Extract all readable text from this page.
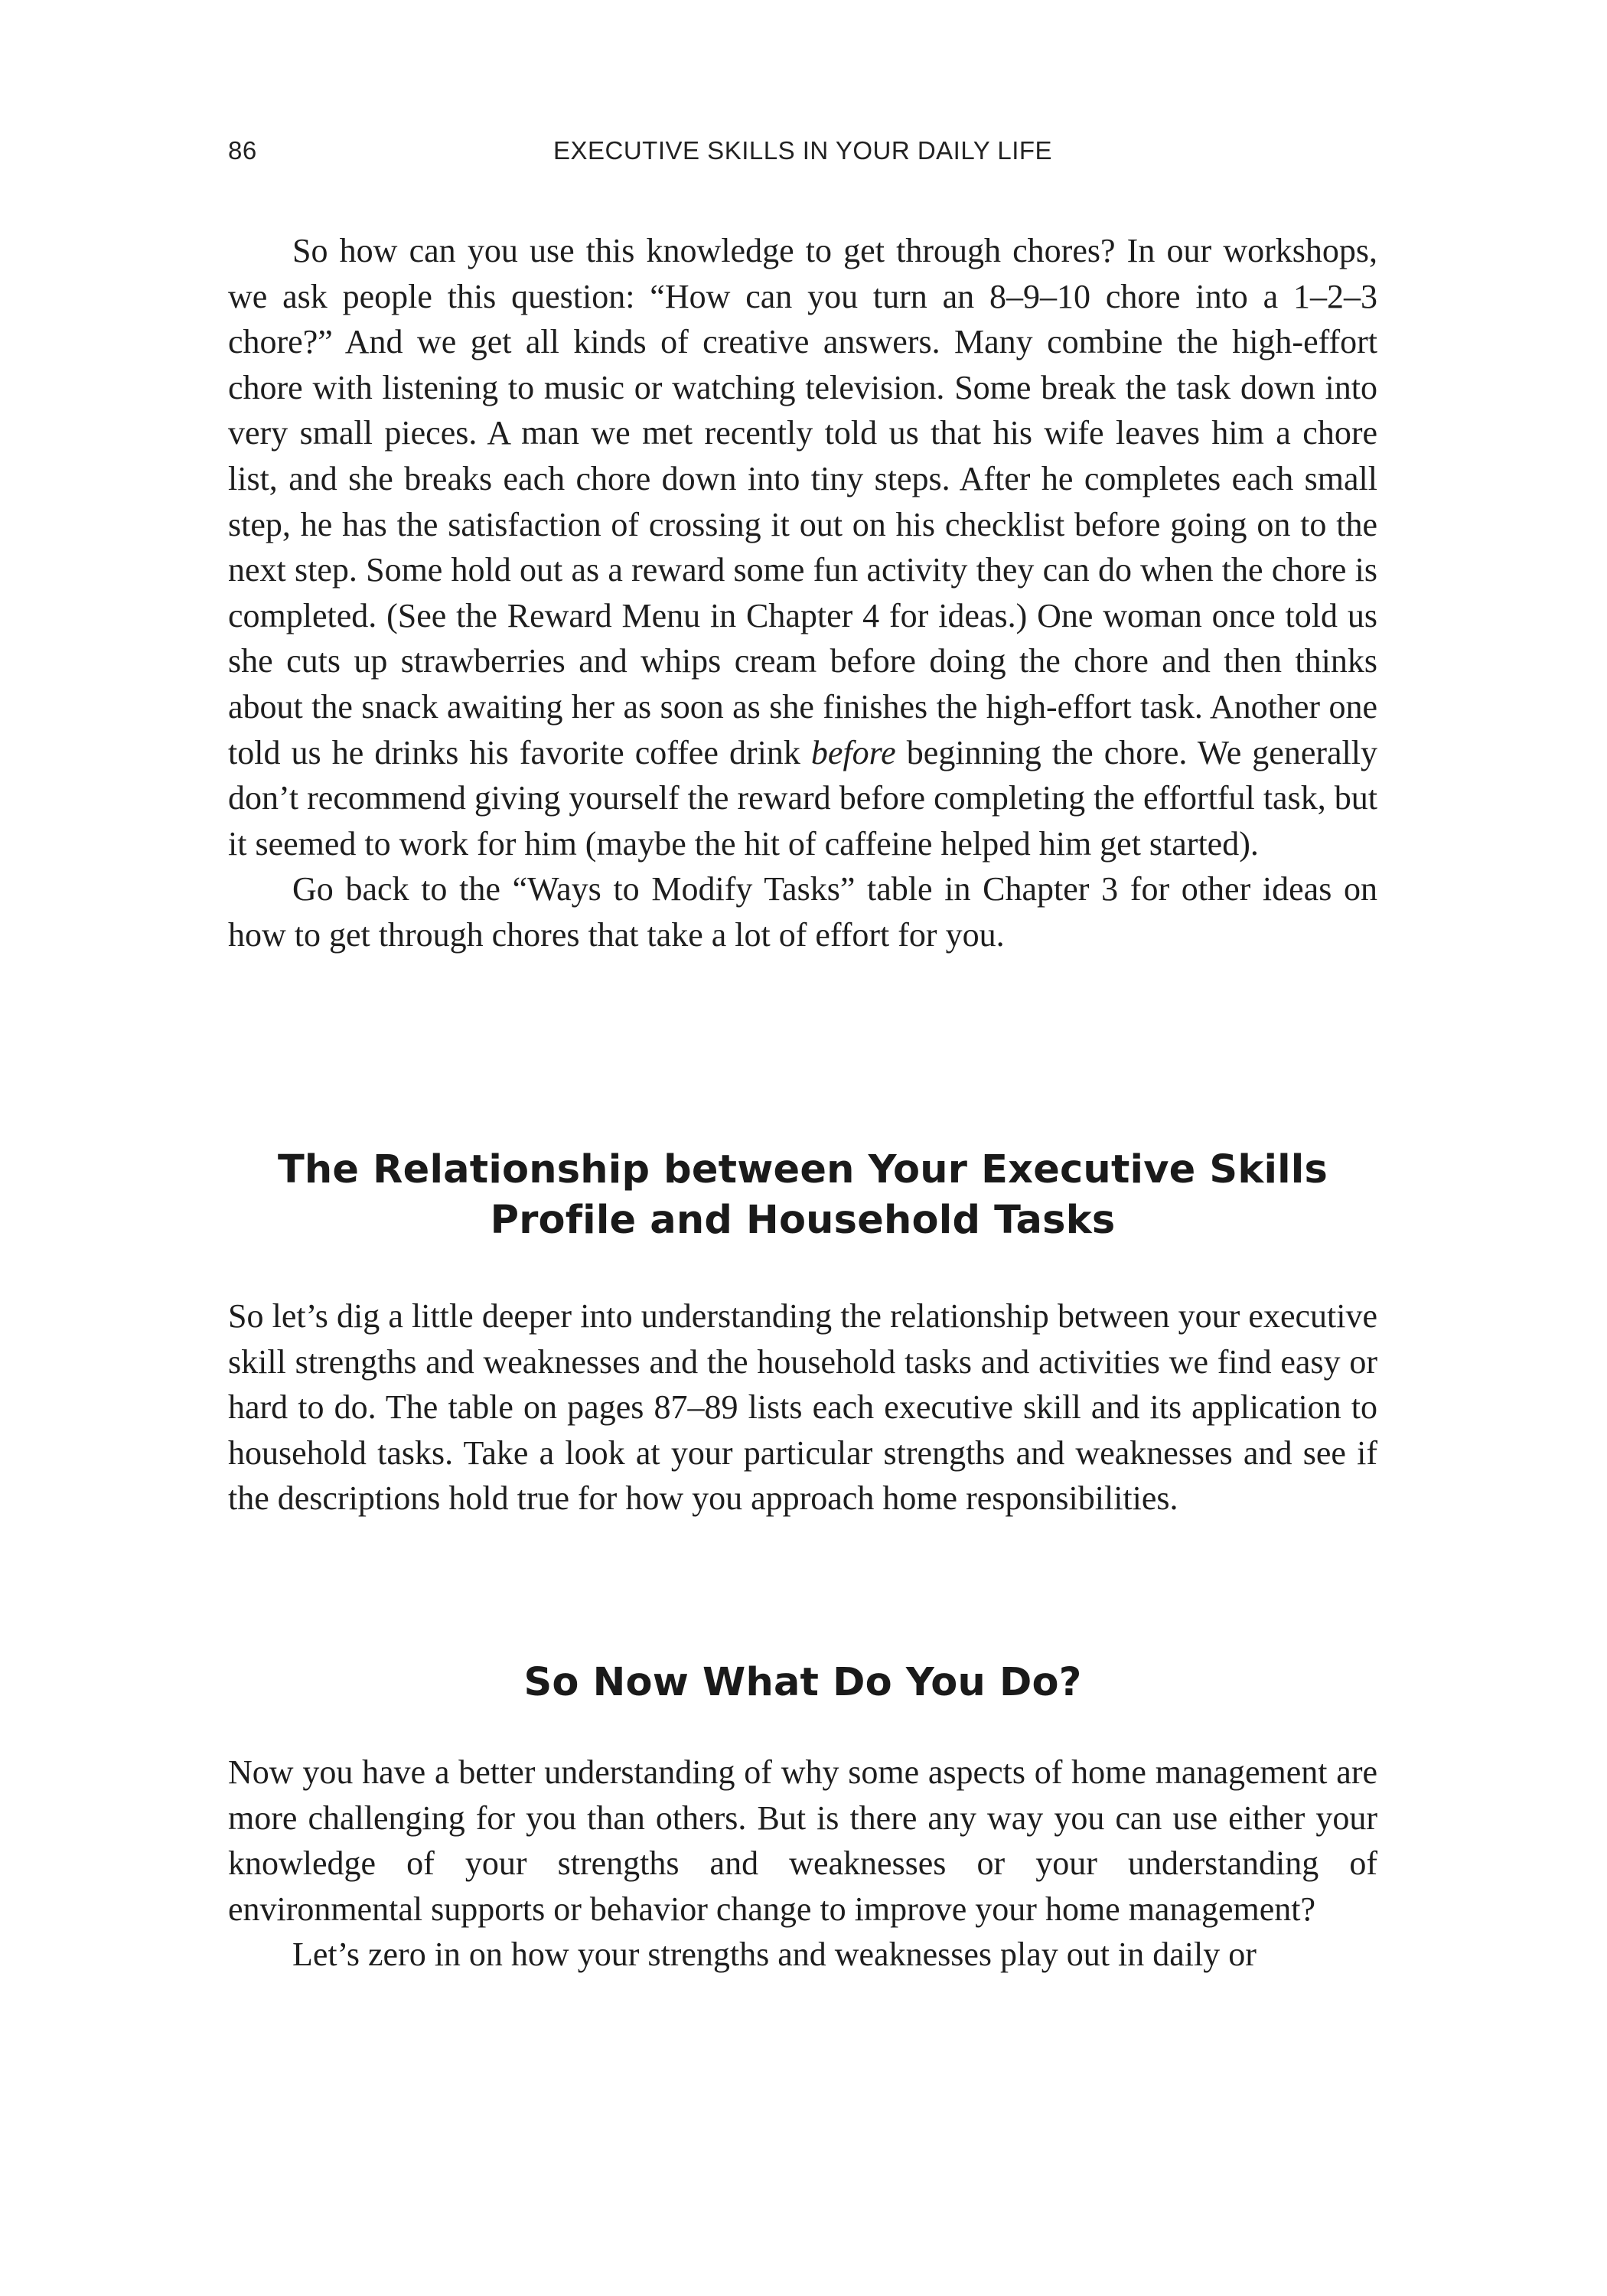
86	EXECUTIVE SKILLS IN YOUR DAILY LIFE

So how can you use this knowledge to get through chores? In our workshops, we ask people this question: “How can you turn an 8–9–10 chore into a 1–2–3 chore?” And we get all kinds of creative answers. Many combine the high-effort chore with listening to music or watching television. Some break the task down into very small pieces. A man we met recently told us that his wife leaves him a chore list, and she breaks each chore down into tiny steps. After he completes each small step, he has the satisfaction of crossing it out on his checklist before going on to the next step. Some hold out as a reward some fun activity they can do when the chore is completed. (See the Reward Menu in Chapter 4 for ideas.) One woman once told us she cuts up strawberries and whips cream before doing the chore and then thinks about the snack awaiting her as soon as she finishes the high-effort task. Another one told us he drinks his favorite coffee drink before beginning the chore. We generally don’t recommend giving yourself the reward before completing the effortful task, but it seemed to work for him (maybe the hit of caffeine helped him get started).

Go back to the “Ways to Modify Tasks” table in Chapter 3 for other ideas on how to get through chores that take a lot of effort for you.

The Relationship between Your Executive Skills
Profile and Household Tasks

So let’s dig a little deeper into understanding the relationship between your executive skill strengths and weaknesses and the household tasks and activities we find easy or hard to do. The table on pages 87–89 lists each executive skill and its application to household tasks. Take a look at your particular strengths and weaknesses and see if the descriptions hold true for how you approach home responsibilities.

So Now What Do You Do?

Now you have a better understanding of why some aspects of home management are more challenging for you than others. But is there any way you can use either your knowledge of your strengths and weaknesses or your understanding of environmental supports or behavior change to improve your home management?

Let’s zero in on how your strengths and weaknesses play out in daily or
